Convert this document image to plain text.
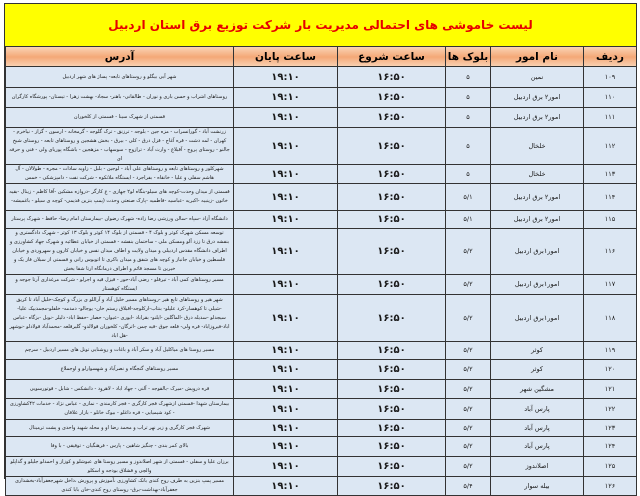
لیست خاموشی های احتمالی مدیریت بار شرکت توزیع برق استان اردبیل
ردیف	نام امور	بلوک ها	ساعت شروع	ساعت پایان	آدرس
۱۰۹	نمین	۵	۱۶:۵۰	۱۹:۱۰	شهر آبی بیگلو و روستاهای تابعه- پساژ های شهر اردبیل
۱۱۰	امور۲ برق اردبیل	۵	۱۶:۵۰	۱۹:۱۰	روستاهای اشراب و حسن باری و نوران - طالقانی- باهنر- سجاد- بهشت زهرا - تیستان- پورشگاه کارگران
۱۱۱	امور۲ برق اردبیل	۵	۱۶:۵۰	۱۹:۱۰	قسمتی از شهرک سینا - قسمتی از کلخوران
۱۱۲	خلخال	۵	۱۶:۵۰	۱۹:۱۰	زرنشت آباد - گورانسراب - مزه جین - بلوجه - ترزنق - ترک گلوجه - گرمخانه - ارسون - گزاز - نیاخرم - کهران - لمه دشت - قره آغاج - قزل درق - کلی - بیرق - بخش هشجین و روستاهای تابعه - روستای شیخ جالنو - روستای پروج - آقبلاغ - وارث آباد - ترازوج - سوسهاب - مزهجین - باشگاه پوریای ولی - فنی و حرفه ای
۱۱۳	خلخال	۵	۱۶:۵۰	۱۹:۱۰	شهرکلور و روستاهای تابعه و روستاهای علی آباد - لوجین - بلبل - زاویه سادات - مجره - طولالان - آل هاشم سفلی و علیا - خانقاه - بفراجرد - ایستگاه ملاتکوه - شرکت نفت - دامپزشکی - خمس
۱۱۴	امور۲ برق اردبیل	۵/۱	۱۶:۵۰	۱۹:۱۰	قسمتی از میدان وحدت-کوچه های سیلو-بنگاه لو۲ جهازی - ع کارگر -دروازه مشکین -آقا کاظم - زینال -بقیه خاتون -زینبیه -اکبریه -عباسیه -فاطمیه -پارک صنعتی وحدت (پمپ بنزین قدیمی- کوچه ی سیلو - باغمیشه-
۱۱۵	امور۲ برق اردبیل	۵/۱	۱۶:۵۰	۱۹:۱۰	دانشگاه آزاد -سپاه -سالن ورزشی رضا زاده- شهرک رضوان -بیمارستان امام رضا- حافظ - شهرک پرستار
۱۱۶	امور۱برق اردبیل	۵/۲	۱۶:۵۰	۱۹:۱۰	توسعه مسکن شهرک کوثر و بلوک ۴ - قسمتی از بلوک ۱۴ کوثر و بلوک ۱۳ کوثر - شهرک دادگستری و بنفشه درق تا ززد آلو ومسکن ملی - ساختمان بنفشه - قسمتی از خیابان عطائیه و شهرک جهاد کشاورزی و اطراف دانشگاه مقدس اردبیلی و میدان ولایت و اطاف میدان نفس و خیابان کارون و سهروردی و خیابان فلسطین و خیابان جانباز و کوچه های شفق و میدان باکری تا اتوبوس رانی و قسمتی از سبلان فاز یک و خیرین تا مسجد قائم و اطراف درمانگاه ارتا شفا بخش
۱۱۷	امور۱برق اردبیل	۵/۲	۱۶:۵۰	۱۹:۱۰	مسیر روستاهای کمی آباد - تیرقلو - رضی آباد-حور - قیزل قیه و اجرلو - شرکت مرغداری آرتا جوجه و ایستگاه کوهستار
۱۱۸	امور۱برق اردبیل	۵/۲	۱۶:۵۰	۱۹:۱۰	شهر هیر و روستاهای تابع هیر -روستاهای مسیر خلیل آباد و آراللو ی بزرگ و کوچک-خلیل آباد تا کریق -شیلی تا کوهسار-کرد علیلو- بنتاب-ارکلوجه-اقبلاق رستم خان- یوجالو- دمدمه- خلفلو-مجمدبیک علیا- سیجدلو -سدیله درق -الماگلین -ایلنو- بقراباد -ایوری -عیوان- حصار -حفظ اباد- دلیلر -نویل -بزگاه -عباس اباد-فیروزاباد- قره ولی- قلعه جوق -قیه چمن -اترگان- کلخوران قولالدو- گلیرقلعه -محمدآباد قولادلو -نوشهر -هل اباد
۱۱۹	کوثر	۵/۲	۱۶:۵۰	۱۹:۱۰	مسیر روستا های میاکلیل آباد و سکر آباد و باغات و روشنایی تونل های مسیر اردبیل - سرچم
۱۲۰	کوثر	۵/۲	۱۶:۵۰	۱۹:۱۰	مسیر روستاهای گنجگاه و نصرآباد و شهسوارلو و اوجملاع
۱۲۱	مشگین شهر	۵/۲	۱۶:۵۰	۱۹:۱۰	قره درویش -میرک -بالقوجه - آلنی - جهاد اباد - لاهرود - دانشکس - شابل - قوتورسویی
۱۲۲	پارس آباد	۵/۲	۱۶:۵۰	۱۹:۱۰	بیمارستان شهدا -قسمتی ازشهرک فجر کارگری - فجر کارمندی - نمازی - عباس نژاد - خدمات ۴۲کشاورزی - کود شیمیایی - قره داغلو - بیوک خانلو - بازار علافان
۱۲۳	پارس آباد	۵/۲	۱۶:۵۰	۱۹:۱۰	شهرک فجر کارگری و زیر نهر تراب و محمد رضا او و محله شهید واحدی و پشت ترمینال
۱۲۴	پارس آباد	۵/۲	۱۶:۵۰	۱۹:۱۰	بالای کمر بندی - چنگیز شاهین - پارس - فرهنگیان - توفیقی - با وفا
۱۲۵	اصلاندوز	۵/۲	۱۶:۵۰	۱۹:۱۰	برزان علیا و سفلی - قسمتی از شهر اصلاندوز و مسیر روستا های عبوشلو و کوزاز و احمدلو جلیلو و گداپلو والچی و قشلاق بودجه و اسکلو
۱۲۶	بیله سوار	۵/۴	۱۶:۵۰	۱۹:۱۰	مسیر پمپ بنزین به طرف روح کندی بانک کشاورزی ،آموزش و پرورش ،داخل شهرجعفرآباد-بخشداری جعفرآباد-بهداشت-برق- روستای روح کندی-خان بابا کندی
